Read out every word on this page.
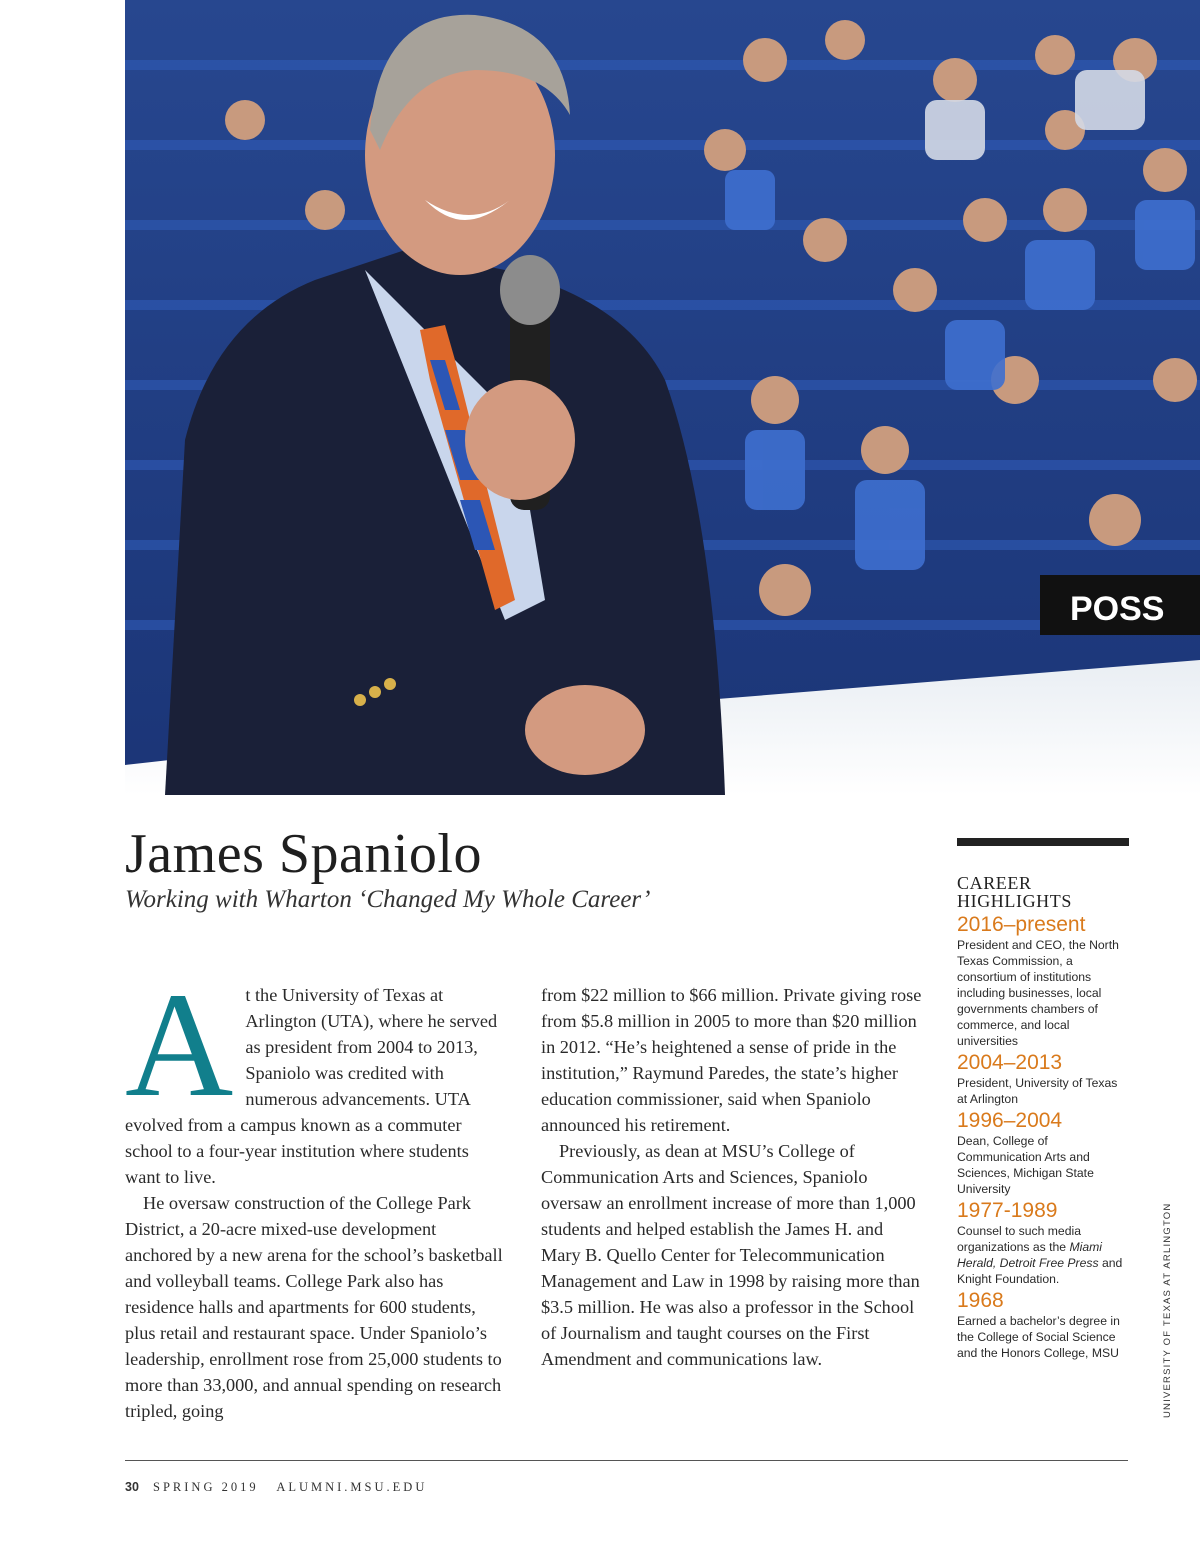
POSS
James Spaniolo
Working with Wharton ‘Changed My Whole Career’
A t the University of Texas at Arlington (UTA), where he served as president from 2004 to 2013, Spaniolo was credited with numerous advancements. UTA evolved from a campus known as a commuter school to a four-year institution where students want to live.

He oversaw construction of the College Park District, a 20-acre mixed-use development anchored by a new arena for the school’s basketball and volleyball teams. College Park also has residence halls and apartments for 600 students, plus retail and restaurant space. Under Spaniolo’s leadership, enrollment rose from 25,000 students to more than 33,000, and annual spending on research tripled, going

from $22 million to $66 million. Private giving rose from $5.8 million in 2005 to more than $20 million in 2012. “He’s heightened a sense of pride in the institution,” Raymund Paredes, the state’s higher education commissioner, said when Spaniolo announced his retirement.

Previously, as dean at MSU’s College of Communication Arts and Sciences, Spaniolo oversaw an enrollment increase of more than 1,000 students and helped establish the James H. and Mary B. Quello Center for Telecommunication Management and Law in 1998 by raising more than $3.5 million. He was also a professor in the School of Journalism and taught courses on the First Amendment and communications law.

CAREER
HIGHLIGHTS
2016–present
President and CEO, the North Texas Commission, a consortium of institutions including businesses, local governments chambers of commerce, and local universities
2004–2013
President, University of Texas at Arlington
1996–2004
Dean, College of Communication Arts and Sciences, Michigan State University
1977-1989
Counsel to such media organizations as the Miami Herald, Detroit Free Press and Knight Foundation.
1968
Earned a bachelor’s degree in the College of Social Science and the Honors College, MSU	UNIVERSITY OF TEXAS AT ARLINGTON
30 SPRING 2019 ALUMNI.MSU.EDU
